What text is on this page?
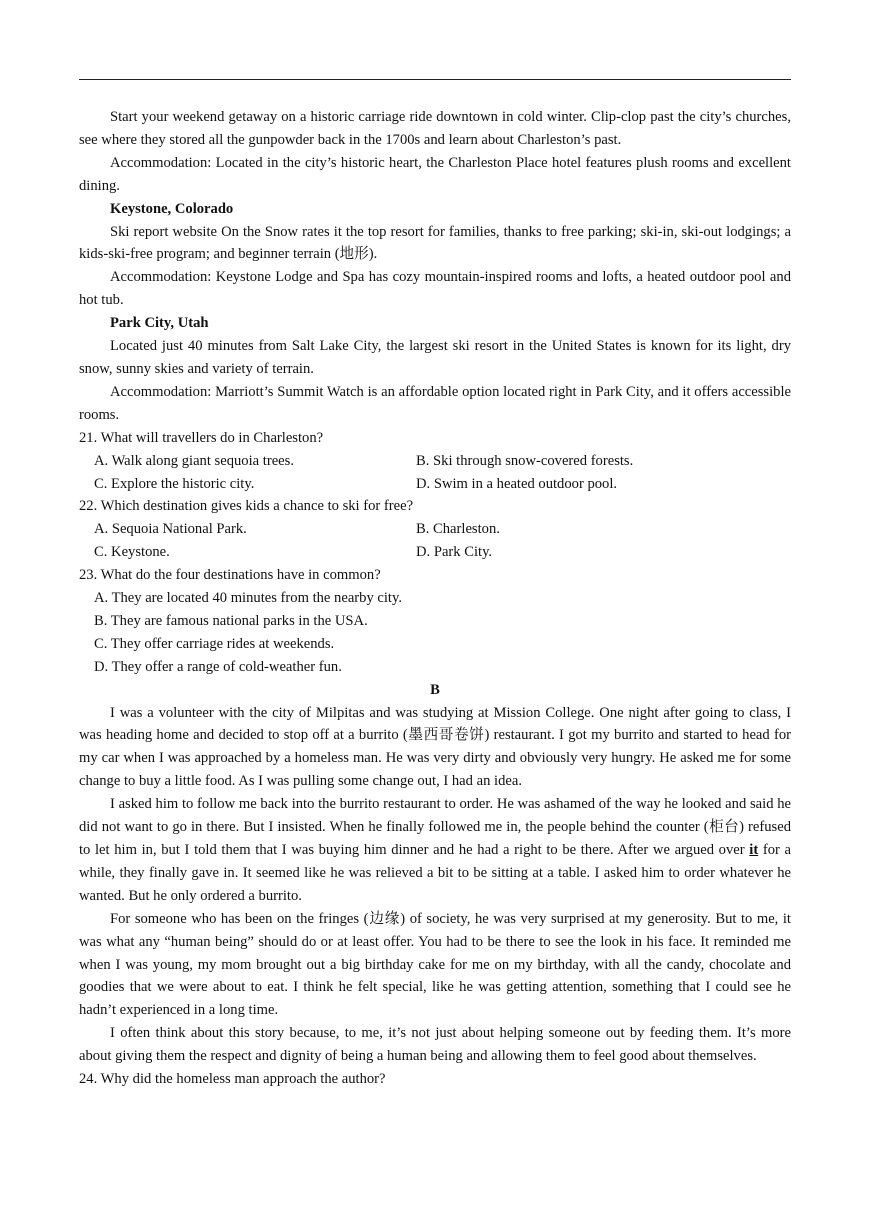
Start your weekend getaway on a historic carriage ride downtown in cold winter. Clip-clop past the city’s churches, see where they stored all the gunpowder back in the 1700s and learn about Charleston’s past.

Accommodation: Located in the city’s historic heart, the Charleston Place hotel features plush rooms and excellent dining.

Keystone, Colorado

Ski report website On the Snow rates it the top resort for families, thanks to free parking; ski-in, ski-out lodgings; a kids-ski-free program; and beginner terrain (地形).

Accommodation: Keystone Lodge and Spa has cozy mountain-inspired rooms and lofts, a heated outdoor pool and hot tub.

Park City, Utah

Located just 40 minutes from Salt Lake City, the largest ski resort in the United States is known for its light, dry snow, sunny skies and variety of terrain.

Accommodation: Marriott’s Summit Watch is an affordable option located right in Park City, and it offers accessible rooms.

21. What will travellers do in Charleston?

A. Walk along giant sequoia trees.	B. Ski through snow-covered forests.

C. Explore the historic city.	D. Swim in a heated outdoor pool.

22. Which destination gives kids a chance to ski for free?

A. Sequoia National Park.	B. Charleston.

C. Keystone.	D. Park City.

23. What do the four destinations have in common?

A. They are located 40 minutes from the nearby city.

B. They are famous national parks in the USA.

C. They offer carriage rides at weekends.

D. They offer a range of cold-weather fun.

B

I was a volunteer with the city of Milpitas and was studying at Mission College. One night after going to class, I was heading home and decided to stop off at a burrito (墨西哥卷饼) restaurant. I got my burrito and started to head for my car when I was approached by a homeless man. He was very dirty and obviously very hungry. He asked me for some change to buy a little food. As I was pulling some change out, I had an idea.

I asked him to follow me back into the burrito restaurant to order. He was ashamed of the way he looked and said he did not want to go in there. But I insisted. When he finally followed me in, the people behind the counter (柜台) refused to let him in, but I told them that I was buying him dinner and he had a right to be there. After we argued over it for a while, they finally gave in. It seemed like he was relieved a bit to be sitting at a table. I asked him to order whatever he wanted. But he only ordered a burrito.

For someone who has been on the fringes (边缘) of society, he was very surprised at my generosity. But to me, it was what any “human being” should do or at least offer. You had to be there to see the look in his face. It reminded me when I was young, my mom brought out a big birthday cake for me on my birthday, with all the candy, chocolate and goodies that we were about to eat. I think he felt special, like he was getting attention, something that I could see he hadn’t experienced in a long time.

I often think about this story because, to me, it’s not just about helping someone out by feeding them. It’s more about giving them the respect and dignity of being a human being and allowing them to feel good about themselves.

24. Why did the homeless man approach the author?
